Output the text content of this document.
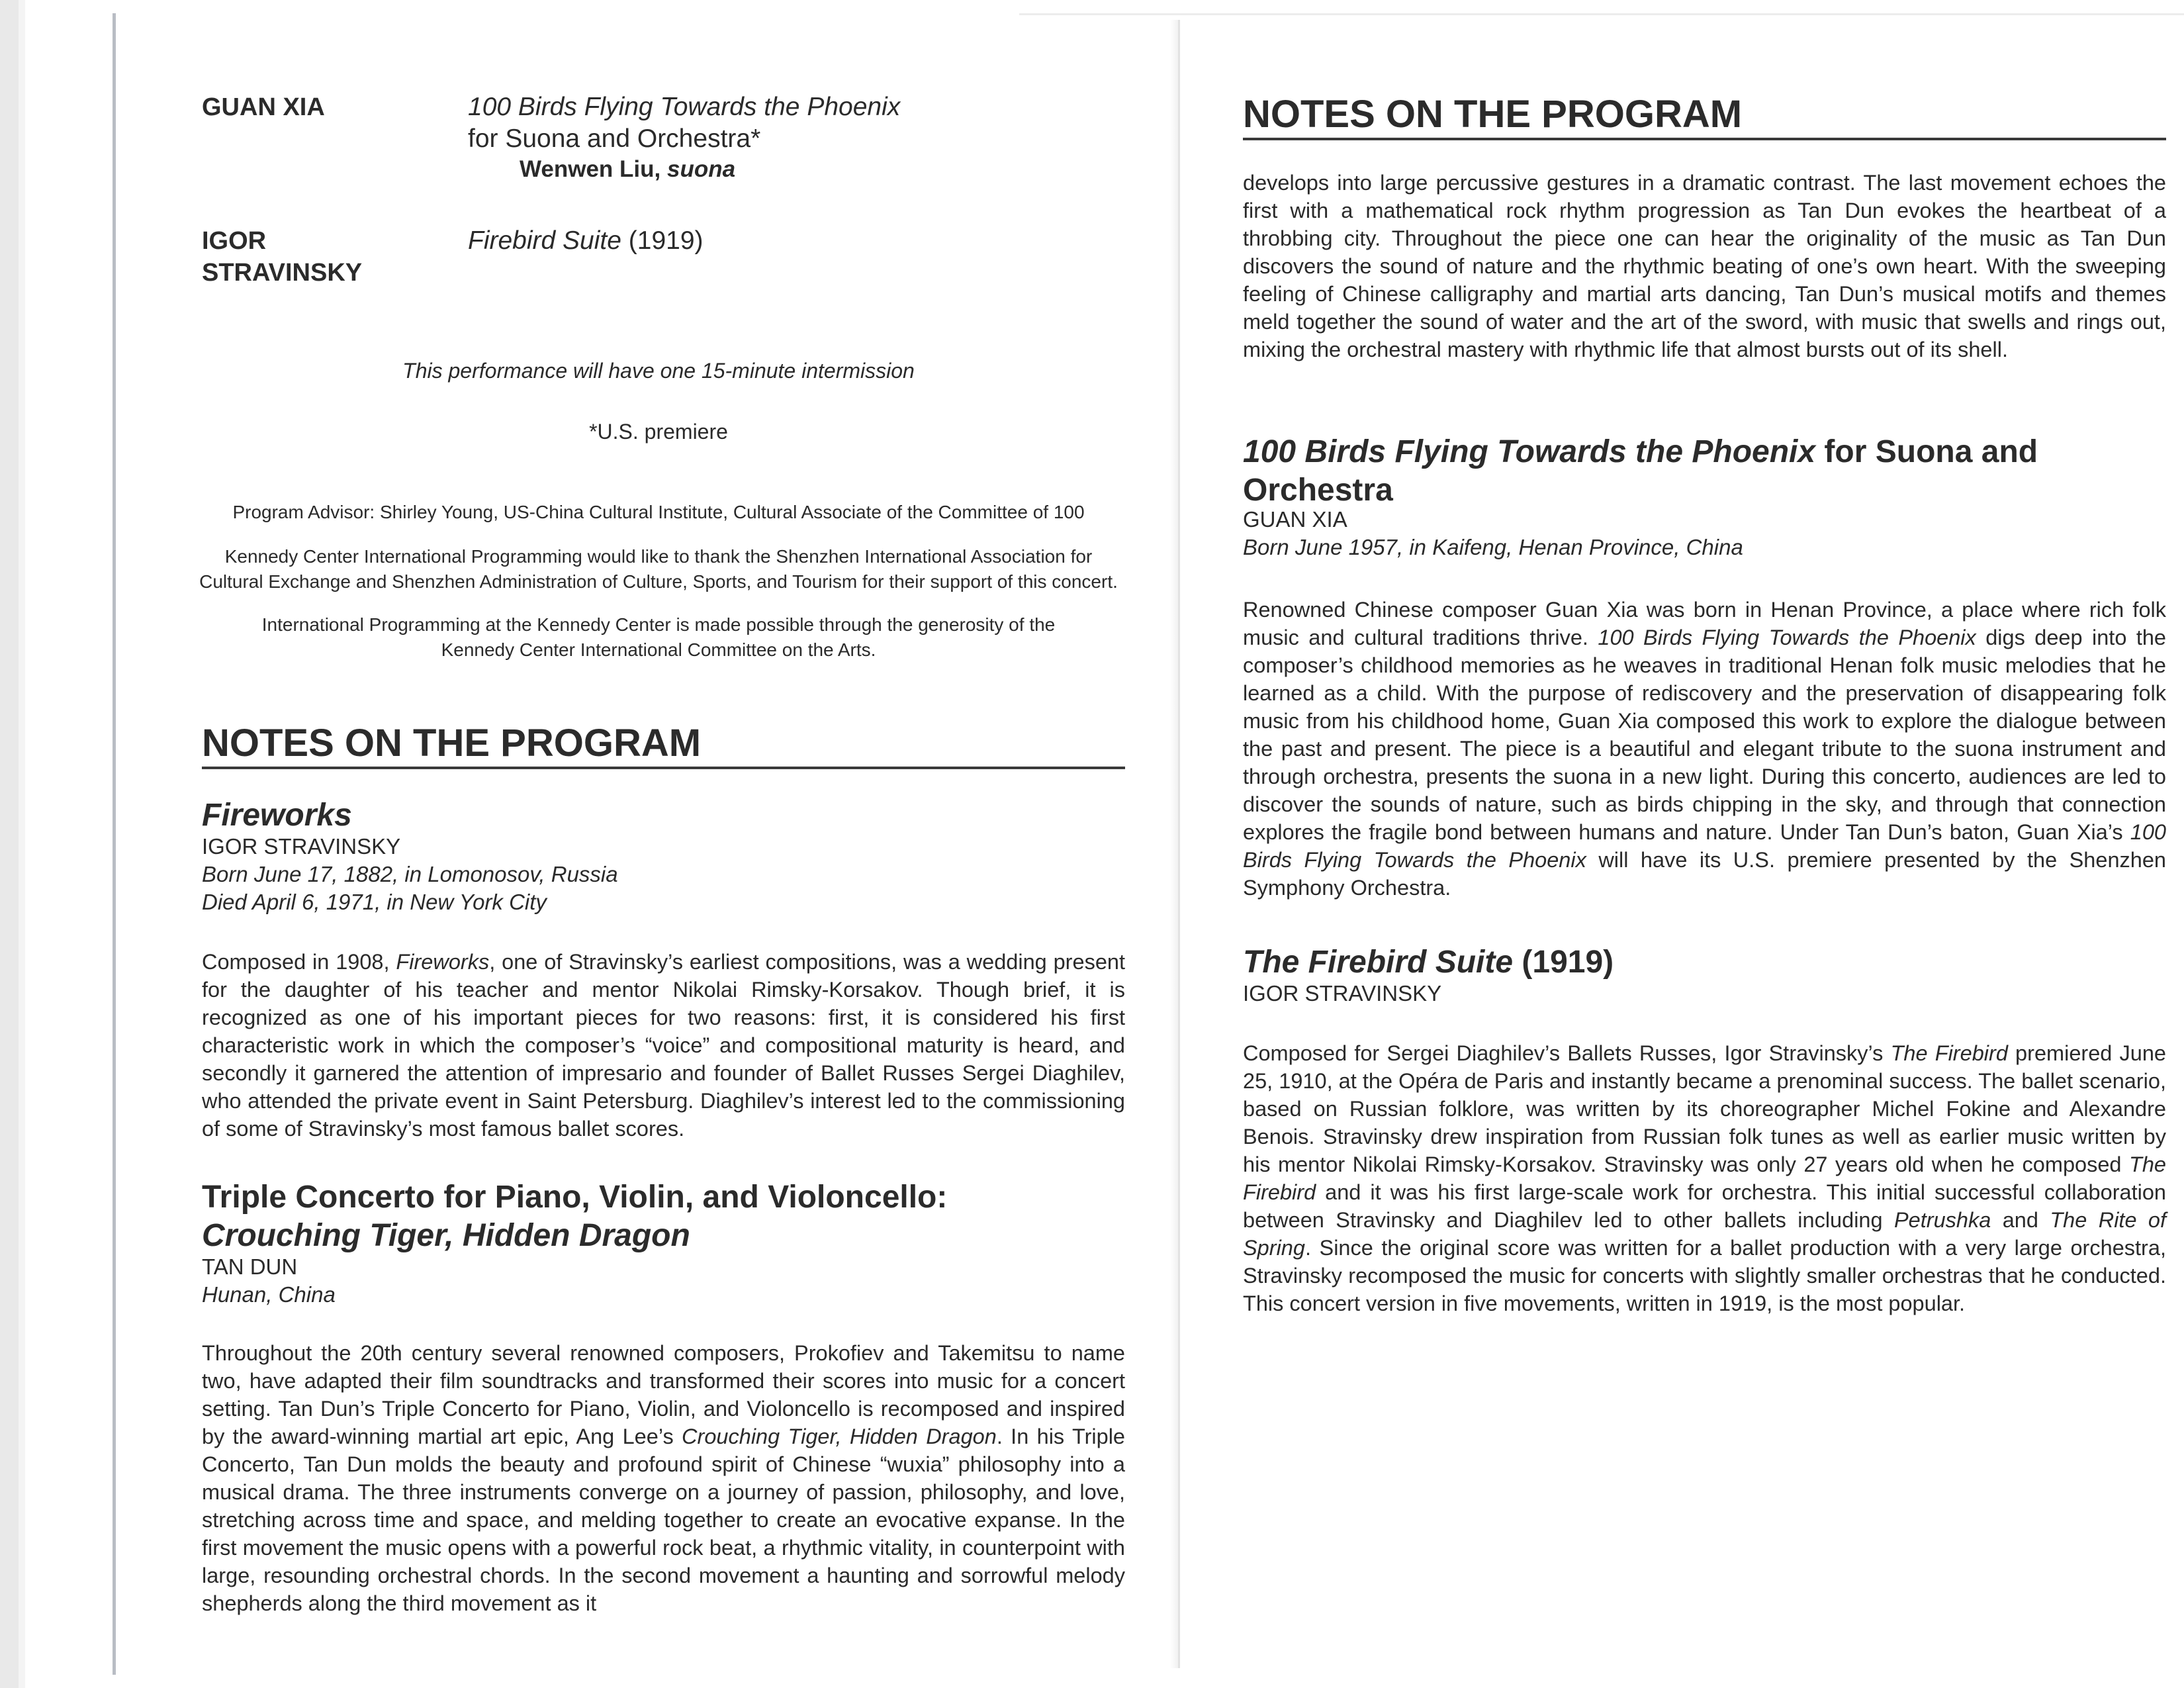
GUAN XIA	100 Birds Flying Towards the Phoenix
for Suona and Orchestra*
Wenwen Liu, suona
IGOR STRAVINSKY
Firebird Suite (1919)
This performance will have one 15-minute intermission
*U.S. premiere
Program Advisor: Shirley Young, US-China Cultural Institute, Cultural Associate of the Committee of 100
Kennedy Center International Programming would like to thank the Shenzhen International Association for Cultural Exchange and Shenzhen Administration of Culture, Sports, and Tourism for their support of this concert.
International Programming at the Kennedy Center is made possible through the generosity of the Kennedy Center International Committee on the Arts.
NOTES ON THE PROGRAM
Fireworks
IGOR STRAVINSKY
Born June 17, 1882, in Lomonosov, Russia
Died April 6, 1971, in New York City
Composed in 1908, Fireworks, one of Stravinsky’s earliest compositions, was a wedding present for the daughter of his teacher and mentor Nikolai Rimsky-Korsakov. Though brief, it is recognized as one of his important pieces for two reasons: first, it is considered his first characteristic work in which the composer’s “voice” and compositional maturity is heard, and secondly it garnered the attention of impresario and founder of Ballet Russes Sergei Diaghilev, who attended the private event in Saint Petersburg. Diaghilev’s interest led to the commissioning of some of Stravinsky’s most famous ballet scores.
Triple Concerto for Piano, Violin, and Violoncello:
Crouching Tiger, Hidden Dragon
TAN DUN
Hunan, China
Throughout the 20th century several renowned composers, Prokofiev and Takemitsu to name two, have adapted their film soundtracks and transformed their scores into music for a concert setting. Tan Dun’s Triple Concerto for Piano, Violin, and Violoncello is recomposed and inspired by the award-winning martial art epic, Ang Lee’s Crouching Tiger, Hidden Dragon. In his Triple Concerto, Tan Dun molds the beauty and profound spirit of Chinese “wuxia” philosophy into a musical drama. The three instruments converge on a journey of passion, philosophy, and love, stretching across time and space, and melding together to create an evocative expanse. In the first movement the music opens with a powerful rock beat, a rhythmic vitality, in counterpoint with large, resounding orchestral chords. In the second movement a haunting and sorrowful melody shepherds along the third movement as it
NOTES ON THE PROGRAM
develops into large percussive gestures in a dramatic contrast. The last movement echoes the first with a mathematical rock rhythm progression as Tan Dun evokes the heartbeat of a throbbing city. Throughout the piece one can hear the originality of the music as Tan Dun discovers the sound of nature and the rhythmic beating of one’s own heart. With the sweeping feeling of Chinese calligraphy and martial arts dancing, Tan Dun’s musical motifs and themes meld together the sound of water and the art of the sword, with music that swells and rings out, mixing the orchestral mastery with rhythmic life that almost bursts out of its shell.
100 Birds Flying Towards the Phoenix for Suona and
Orchestra
GUAN XIA
Born June 1957, in Kaifeng, Henan Province, China
Renowned Chinese composer Guan Xia was born in Henan Province, a place where rich folk music and cultural traditions thrive. 100 Birds Flying Towards the Phoenix digs deep into the composer’s childhood memories as he weaves in traditional Henan folk music melodies that he learned as a child. With the purpose of rediscovery and the preservation of disappearing folk music from his childhood home, Guan Xia composed this work to explore the dialogue between the past and present. The piece is a beautiful and elegant tribute to the suona instrument and through orchestra, presents the suona in a new light. During this concerto, audiences are led to discover the sounds of nature, such as birds chipping in the sky, and through that connection explores the fragile bond between humans and nature. Under Tan Dun’s baton, Guan Xia’s 100 Birds Flying Towards the Phoenix will have its U.S. premiere presented by the Shenzhen Symphony Orchestra.
The Firebird Suite (1919)
IGOR STRAVINSKY
Composed for Sergei Diaghilev’s Ballets Russes, Igor Stravinsky’s The Firebird premiered June 25, 1910, at the Opéra de Paris and instantly became a prenominal success. The ballet scenario, based on Russian folklore, was written by its choreographer Michel Fokine and Alexandre Benois. Stravinsky drew inspiration from Russian folk tunes as well as earlier music written by his mentor Nikolai Rimsky-Korsakov. Stravinsky was only 27 years old when he composed The Firebird and it was his first large-scale work for orchestra. This initial successful collaboration between Stravinsky and Diaghilev led to other ballets including Petrushka and The Rite of Spring. Since the original score was written for a ballet production with a very large orchestra, Stravinsky recomposed the music for concerts with slightly smaller orchestras that he conducted. This concert version in five movements, written in 1919, is the most popular.
